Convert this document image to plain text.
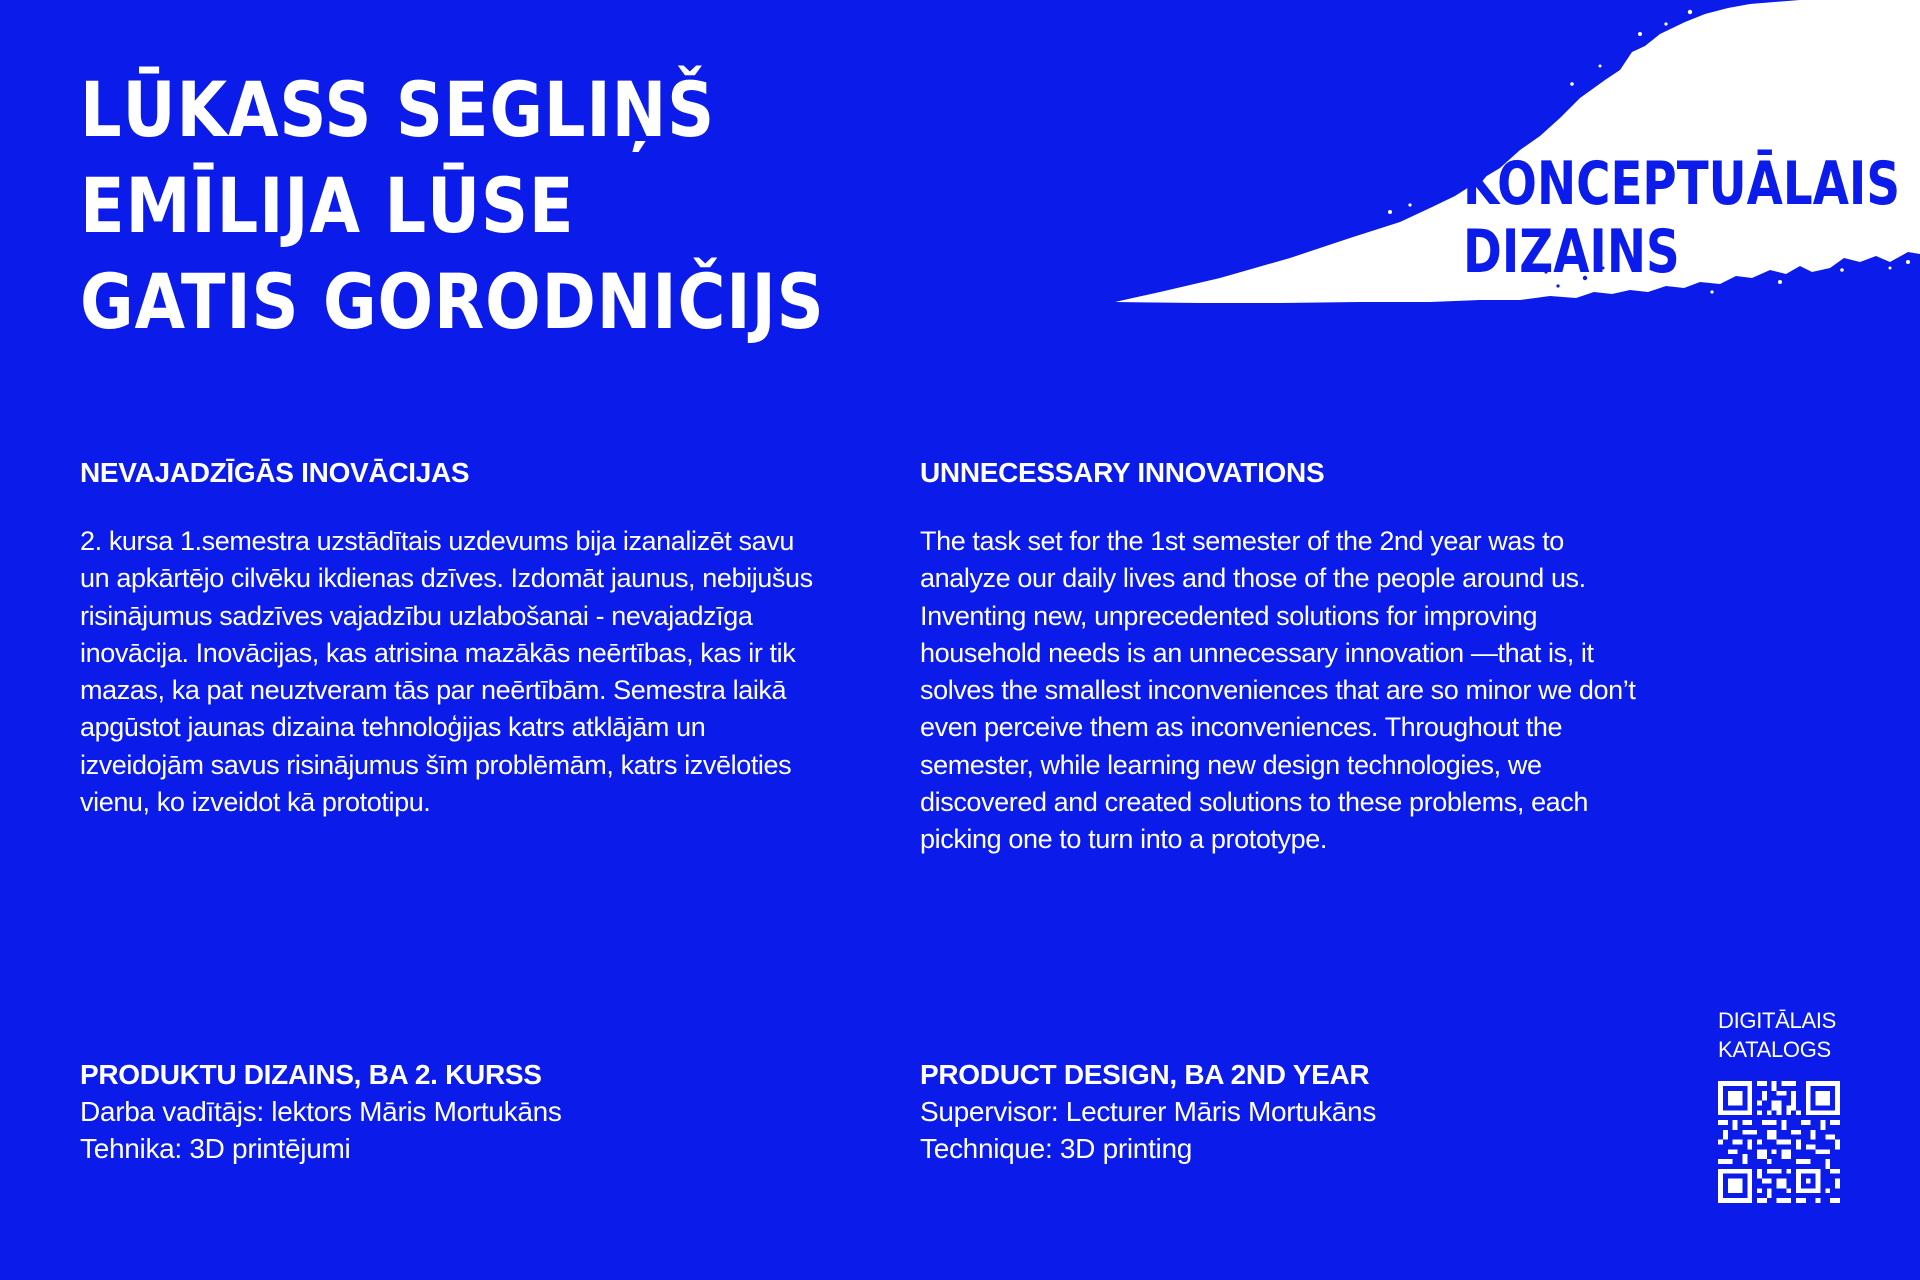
LŪKASS SEGLIŅŠ
EMĪLIJA LŪSE
GATIS GORODNIČIJS
KONCEPTUĀLAIS
DIZAINS
NEVAJADZĪGĀS INOVĀCIJAS

2. kursa 1.semestra uzstādītais uzdevums bija izanalizēt savu un apkārtējo cilvēku ikdienas dzīves. Izdomāt jaunus, nebijušus risinājumus sadzīves vajadzību uzlabošanai - nevajadzīga inovācija. Inovācijas, kas atrisina mazākās neērtības, kas ir tik mazas, ka pat neuztveram tās par neērtībām. Semestra laikā apgūstot jaunas dizaina tehnoloģijas katrs atklājām un izveidojām savus risinājumus šīm problēmām, katrs izvēloties vienu, ko izveidot kā prototipu.

UNNECESSARY INNOVATIONS

The task set for the 1st semester of the 2nd year was to analyze our daily lives and those of the people around us. Inventing new, unprecedented solutions for improving household needs is an unnecessary innovation —that is, it solves the smallest inconveniences that are so minor we don’t even perceive them as inconveniences. Throughout the semester, while learning new design technologies, we discovered and created solutions to these problems, each picking one to turn into a prototype.

PRODUKTU DIZAINS, BA 2. KURSS
Darba vadītājs: lektors Māris Mortukāns
Tehnika: 3D printējumi
PRODUCT DESIGN, BA 2ND YEAR
Supervisor: Lecturer Māris Mortukāns
Technique: 3D printing
DIGITĀLAIS
KATALOGS
